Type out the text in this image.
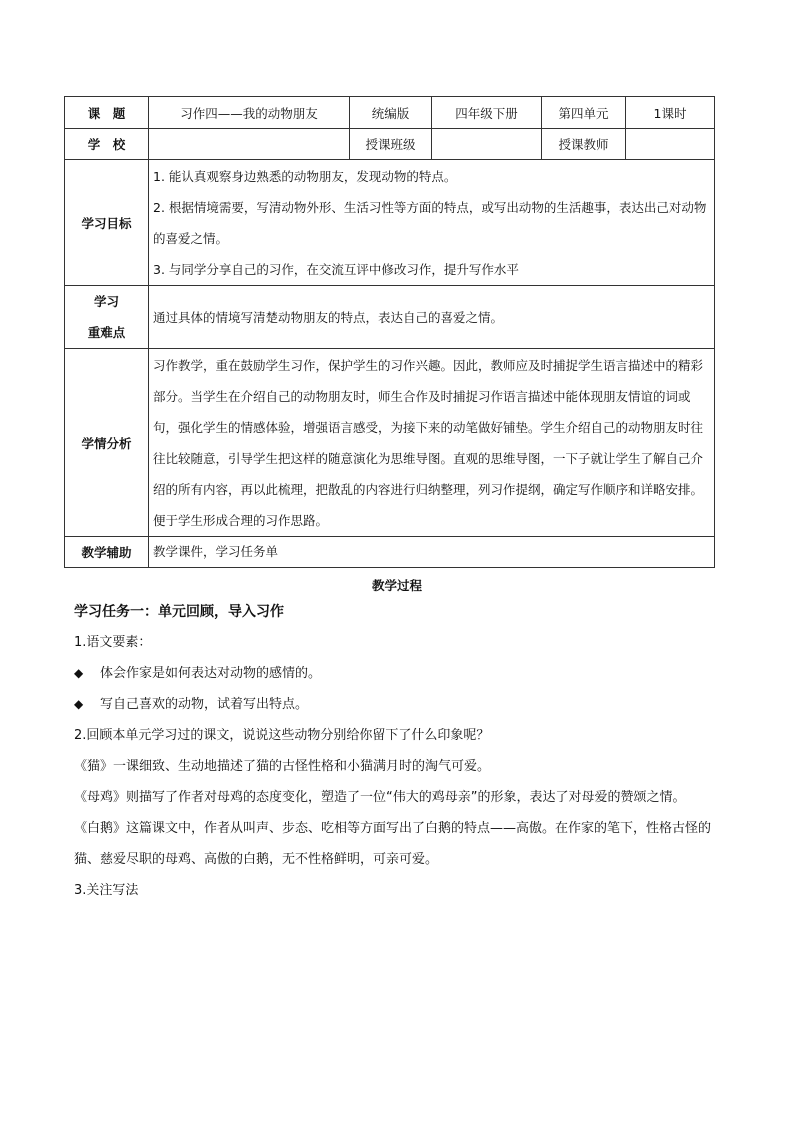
课　题	习作四——我的动物朋友	统编版	四年级下册	第四单元	1课时
学　校		授课班级		授课教师	
学习目标	1. 能认真观察身边熟悉的动物朋友，发现动物的特点。

2. 根据情境需要，写清动物外形、生活习性等方面的特点，或写出动物的生活趣事，表达出己对动物的喜爱之情。

3. 与同学分享自己的习作，在交流互评中修改习作，提升写作水平				

学习
重难点	通过具体的情境写清楚动物朋友的特点，表达自己的喜爱之情。				
学情分析	习作教学，重在鼓励学生习作，保护学生的习作兴趣。因此，教师应及时捕捉学生语言描述中的精彩部分。当学生在介绍自己的动物朋友时，师生合作及时捕捉习作语言描述中能体现朋友情谊的词或句，强化学生的情感体验，增强语言感受，为接下来的动笔做好铺垫。学生介绍自己的动物朋友时往往比较随意，引导学生把这样的随意演化为思维导图。直观的思维导图，一下子就让学生了解自己介绍的所有内容，再以此梳理，把散乱的内容进行归纳整理，列习作提纲，确定写作顺序和详略安排。便于学生形成合理的习作思路。				
教学辅助	教学课件，学习任务单				
教学过程

学习任务一：单元回顾，导入习作

1.语文要素：

◆ 体会作家是如何表达对动物的感情的。

◆ 写自己喜欢的动物，试着写出特点。

2.回顾本单元学习过的课文，说说这些动物分别给你留下了什么印象呢？

《猫》一课细致、生动地描述了猫的古怪性格和小猫满月时的淘气可爱。

《母鸡》则描写了作者对母鸡的态度变化，塑造了一位“伟大的鸡母亲”的形象，表达了对母爱的赞颂之情。

《白鹅》这篇课文中，作者从叫声、步态、吃相等方面写出了白鹅的特点——高傲。在作家的笔下，性格古怪的猫、慈爱尽职的母鸡、高傲的白鹅，无不性格鲜明，可亲可爱。

3.关注写法
